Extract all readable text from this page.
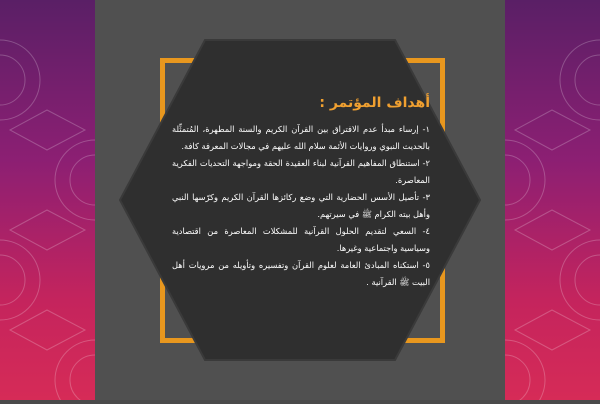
أهداف المؤتمر :

١- إرساء مبدأ عدم الافتراق بين القرآن الكريم والسنة المطهرة، المُتمثِّلة بالحديث النبوي وروايات الأئمة سلام الله عليهم في مجالات المعرفة كافة.

٢- استنطاق المفاهيم القرآنية لبناء العقيدة الحقة ومواجهة التحديات الفكرية المعاصرة.

٣- تأصيل الأسس الحضارية التي وضع ركائزها القرآن الكريم وكرّسها النبي وأهل بيته الكرام ﷺ في سيرتهم.

٤- السعي لتقديم الحلول القرآنية للمشكلات المعاصرة من اقتصادية وسياسية واجتماعية وغيرها.

٥- استكناه المبادئ العامة لعلوم القرآن وتفسيره وتأويله من مرويات أهل البيت ﷺ القرآنية .
